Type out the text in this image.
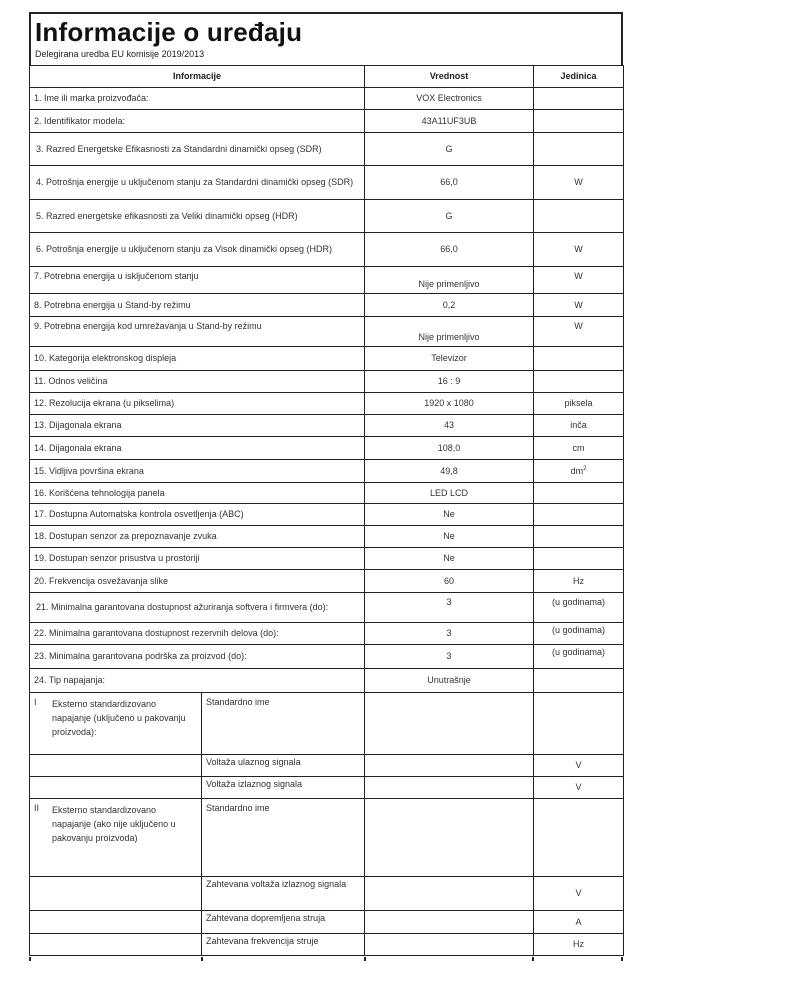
Informacije o uređaju
Delegirana uredba EU komisije 2019/2013
Informacije		Vrednost	Jedinica
1. Ime ili marka proizvođača:		VOX Electronics	
2. Identifikator modela:		43A11UF3UB	

3. Razred Energetske Efikasnosti za Standardni dinamički opseg (SDR)		G	

4. Potrošnja energije u uključenom stanju za Standardni dinamički opseg (SDR)		66,0	W

5. Razred energetske efikasnosti za Veliki dinamički opseg (HDR)		G	

6. Potrošnja energije u uključenom stanju za Visok dinamički opseg (HDR)		66,0	W
7. Potrebna energija u isključenom stanju		Nije primenljivo	W
8. Potrebna energija u Stand-by režimu		0,2	W
9. Potrebna energija kod umrežavanja u Stand-by režimu		Nije primenljivo	W
10. Kategorija elektronskog displeja		Televizor	
11. Odnos veličina		16 : 9	
12. Rezolucija ekrana (u pikselima)		1920 x 1080	piksela
13. Dijagonala ekrana		43	inča
14. Dijagonala ekrana		108,0	cm
15. Vidljiva površina ekrana		49,8	$dm^2$
16. Korišćena tehnologija panela		LED LCD	
17. Dostupna Automatska kontrola osvetljenja (ABC)		Ne	
18. Dostupan senzor za prepoznavanje zvuka		Ne	
19. Dostupan senzor prisustva u prostoriji		Ne	
20. Frekvencija osvežavanja slike		60	Hz

21. Minimalna garantovana dostupnost ažuriranja softvera i firmvera (do):		3	(u godinama)
22. Minimalna garantovana dostupnost rezervnih delova (do):		3	(u godinama)
23. Minimalna garantovana podrška za proizvod (do):		3	(u godinama)
24. Tip napajanja:		Unutrašnje	
I Eksterno standardizovano napajanje (uključeno u pakovanju proizvoda):	Standardno ime		
	Voltaža ulaznog signala		V
	Voltaža izlaznog signala		V
II Eksterno standardizovano napajanje (ako nije uključeno u pakovanju proizvoda)	Standardno ime		
	Zahtevana voltaža izlaznog signala		V
	Zahtevana dopremljena struja		A
	Zahtevana frekvencija struje		Hz
